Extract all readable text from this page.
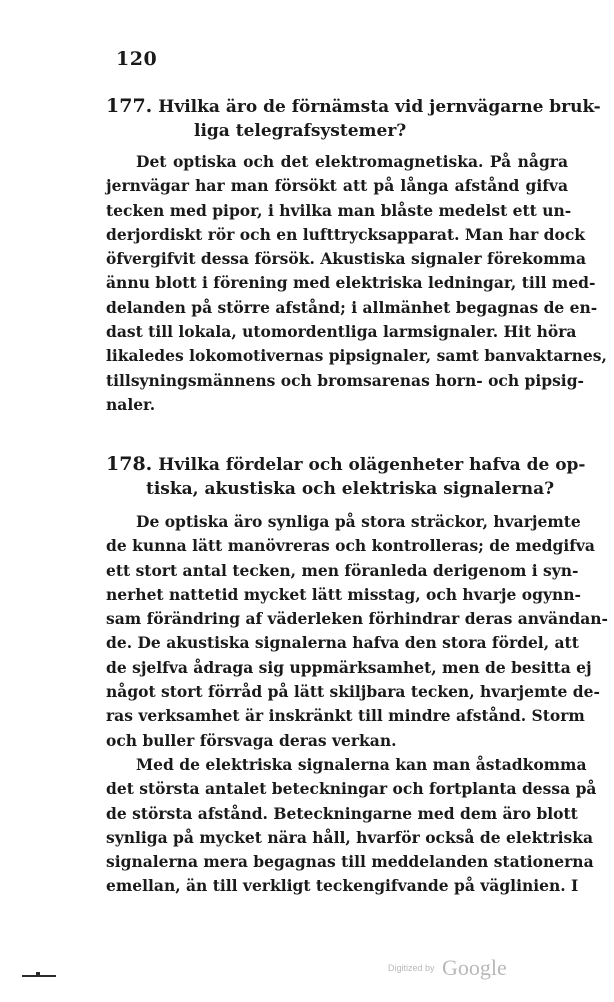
120
177. Hvilka äro de förnämsta vid jernvägarne bruk-
liga telegrafsystemer?
Det optiska och det elektromagnetiska. På några
jernvägar har man försökt att på långa afstånd gifva
tecken med pipor, i hvilka man blåste medelst ett un-
derjordiskt rör och en lufttrycksapparat. Man har dock
öfvergifvit dessa försök. Akustiska signaler förekomma
ännu blott i förening med elektriska ledningar, till med-
delanden på större afstånd; i allmänhet begagnas de en-
dast till lokala, utomordentliga larmsignaler. Hit höra
likaledes lokomotivernas pipsignaler, samt banvaktarnes,
tillsyningsmännens och bromsarenas horn- och pipsig-
naler.
178. Hvilka fördelar och olägenheter hafva de op-
tiska, akustiska och elektriska signalerna?
De optiska äro synliga på stora sträckor, hvarjemte
de kunna lätt manövreras och kontrolleras; de medgifva
ett stort antal tecken, men föranleda derigenom i syn-
nerhet nattetid mycket lätt misstag, och hvarje ogynn-
sam förändring af väderleken förhindrar deras användan-
de. De akustiska signalerna hafva den stora fördel, att
de sjelfva ådraga sig uppmärksamhet, men de besitta ej
något stort förråd på lätt skiljbara tecken, hvarjemte de-
ras verksamhet är inskränkt till mindre afstånd. Storm
och buller försvaga deras verkan.
Med de elektriska signalerna kan man åstadkomma
det största antalet beteckningar och fortplanta dessa på
de största afstånd. Beteckningarne med dem äro blott
synliga på mycket nära håll, hvarför också de elektriska
signalerna mera begagnas till meddelanden stationerna
emellan, än till verkligt teckengifvande på väglinien. I
Digitized by Google
